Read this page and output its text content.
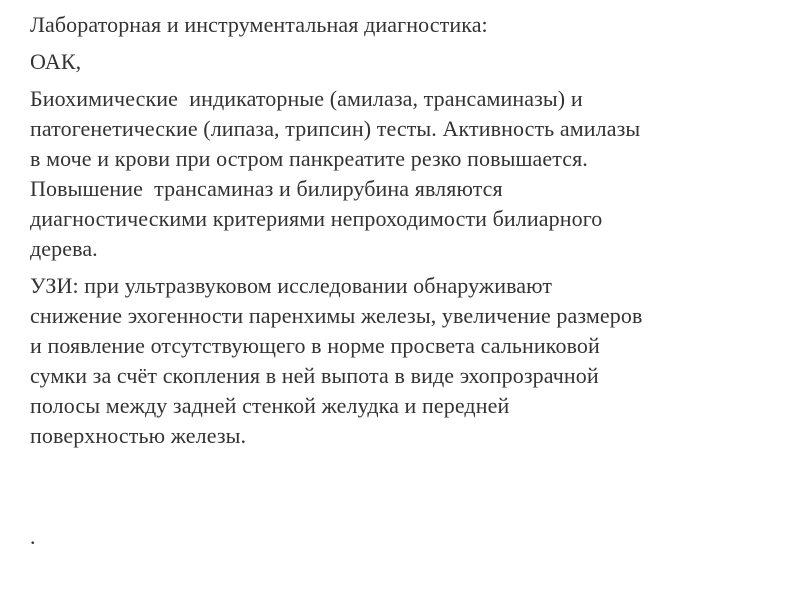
Лабораторная и инструментальная диагностика:

ОАК,

Биохимические  индикаторные (амилаза, трансаминазы) и
патогенетические (липаза, трипсин) тесты. Активность амилазы
в моче и крови при остром панкреатите резко повышается.
Повышение  трансаминаз и билирубина являются
диагностическими критериями непроходимости билиарного
дерева.

УЗИ: при ультразвуковом исследовании обнаруживают
снижение эхогенности паренхимы железы, увеличение размеров
и появление отсутствующего в норме просвета сальниковой
сумки за счёт скопления в ней выпота в виде эхопрозрачной
полосы между задней стенкой желудка и передней
поверхностью железы.

.
